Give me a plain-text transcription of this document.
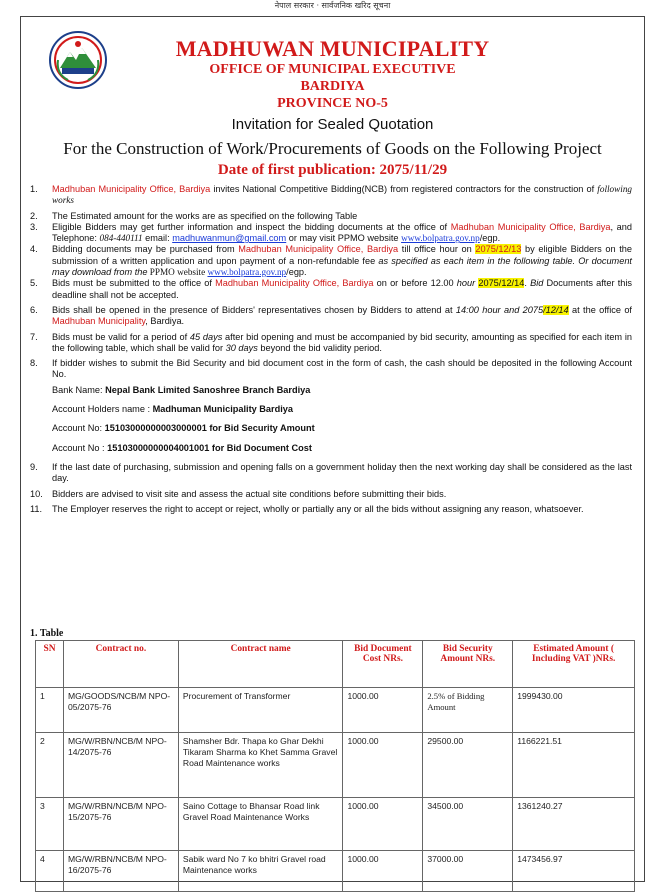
नेपाल सरकार · सार्वजनिक खरिद सूचना
MADHUWAN MUNICIPALITY
OFFICE OF MUNICIPAL EXECUTIVE
BARDIYA
PROVINCE NO-5
Invitation for Sealed Quotation
For the Construction of Work/Procurements of Goods on the Following Project
Date of first publication: 2075/11/29
1.	Madhuban Municipality Office, Bardiya invites National Competitive Bidding(NCB) from registered contractors for the construction of following works
2.	The Estimated amount for the works are as specified on the following Table
3.	Eligible Bidders may get further information and inspect the bidding documents at the office of Madhuban Municipality Office, Bardiya, and Telephone: 084-440111 email: madhuwanmun@gmail.com or may visit PPMO website www.bolpatra.gov.np/egp.
4.	Bidding documents may be purchased from Madhuban Municipality Office, Bardiya till office hour on 2075/12/13 by eligible Bidders on the submission of a written application and upon payment of a non-refundable fee as specified as each item in the following table. Or document may download from the PPMO website www.bolpatra.gov.np/egp.
5.	Bids must be submitted to the office of Madhuban Municipality Office, Bardiya on or before 12.00 hour 2075/12/14. Bid Documents after this deadline shall not be accepted.
6.	Bids shall be opened in the presence of Bidders' representatives chosen by Bidders to attend at 14:00 hour and 2075/12/14 at the office of Madhuban Municipality, Bardiya.
7.	Bids must be valid for a period of 45 days after bid opening and must be accompanied by bid security, amounting as specified for each item in the following table, which shall be valid for 30 days beyond the bid validity period.
8.	If bidder wishes to submit the Bid Security and bid document cost in the form of cash, the cash should be deposited in the following Account No.
Bank Name: Nepal Bank Limited Sanoshree Branch Bardiya
Account Holders name : Madhuman Municipality Bardiya
Account No: 15103000000003000001 for Bid Security Amount
Account No : 15103000000004001001 for Bid Document Cost
9.	If the last date of purchasing, submission and opening falls on a government holiday then the next working day shall be considered as the last day.
10.	Bidders are advised to visit site and assess the actual site conditions before submitting their bids.
11.	The Employer reserves the right to accept or reject, wholly or partially any or all the bids without assigning any reason, whatsoever.
1. Table
SN	Contract no.	Contract name	Bid Document Cost NRs.	Bid Security Amount NRs.	Estimated Amount ( Including VAT )NRs.
1	MG/GOODS/NCB/M NPO-05/2075-76	Procurement of Transformer	1000.00	2.5% of Bidding Amount	1999430.00
2	MG/W/RBN/NCB/M NPO-14/2075-76	Shamsher Bdr. Thapa ko Ghar Dekhi Tikaram Sharma ko Khet Samma Gravel Road Maintenance works	1000.00	29500.00	1166221.51
3	MG/W/RBN/NCB/M NPO-15/2075-76	Saino Cottage to Bhansar Road link Gravel Road Maintenance Works	1000.00	34500.00	1361240.27
4	MG/W/RBN/NCB/M NPO-16/2075-76	Sabik ward No 7 ko bhitri Gravel road Maintenance works	1000.00	37000.00	1473456.97
